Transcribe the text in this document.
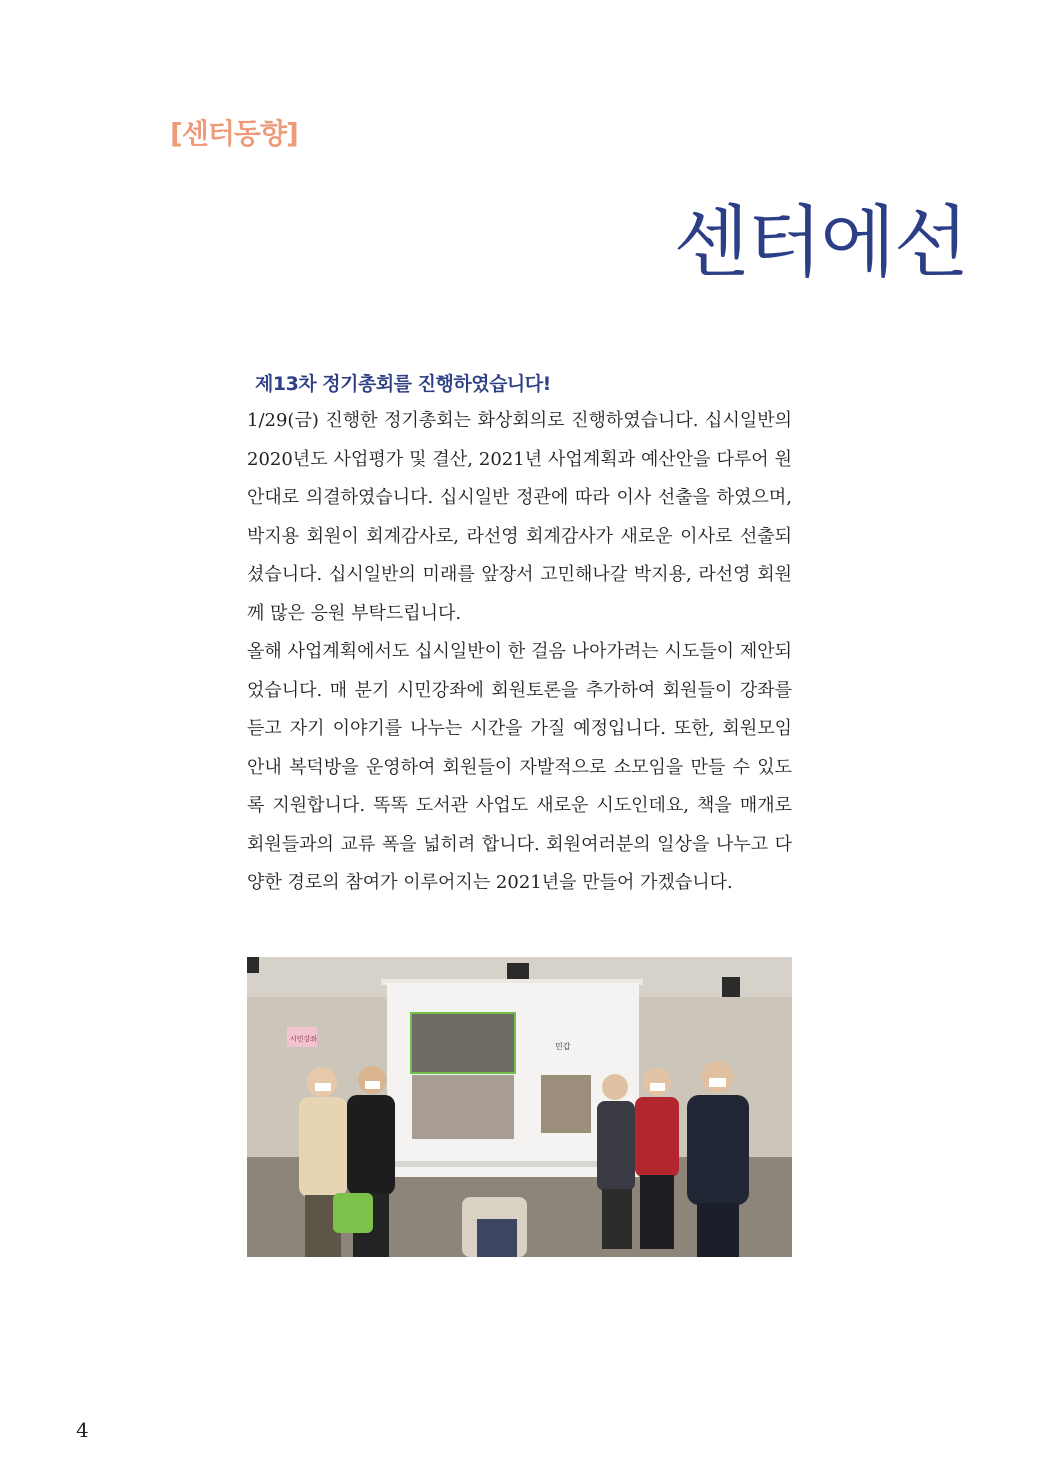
[센터동향]
센터에선
제13차 정기총회를 진행하였습니다!

1/29(금) 진행한 정기총회는 화상회의로 진행하였습니다. 십시일반의 2020년도 사업평가 및 결산, 2021년 사업계획과 예산안을 다루어 원안대로 의결하였습니다. 십시일반 정관에 따라 이사 선출을 하였으며, 박지용 회원이 회계감사로, 라선영 회계감사가 새로운 이사로 선출되셨습니다. 십시일반의 미래를 앞장서 고민해나갈 박지용, 라선영 회원께 많은 응원 부탁드립니다.

올해 사업계획에서도 십시일반이 한 걸음 나아가려는 시도들이 제안되었습니다. 매 분기 시민강좌에 회원토론을 추가하여 회원들이 강좌를 듣고 자기 이야기를 나누는 시간을 가질 예정입니다. 또한, 회원모임 안내 복덕방을 운영하여 회원들이 자발적으로 소모임을 만들 수 있도록 지원합니다. 똑똑 도서관 사업도 새로운 시도인데요, 책을 매개로 회원들과의 교류 폭을 넓히려 합니다. 회원여러분의 일상을 나누고 다양한 경로의 참여가 이루어지는 2021년을 만들어 가겠습니다.

민갑
시민강좌
4
